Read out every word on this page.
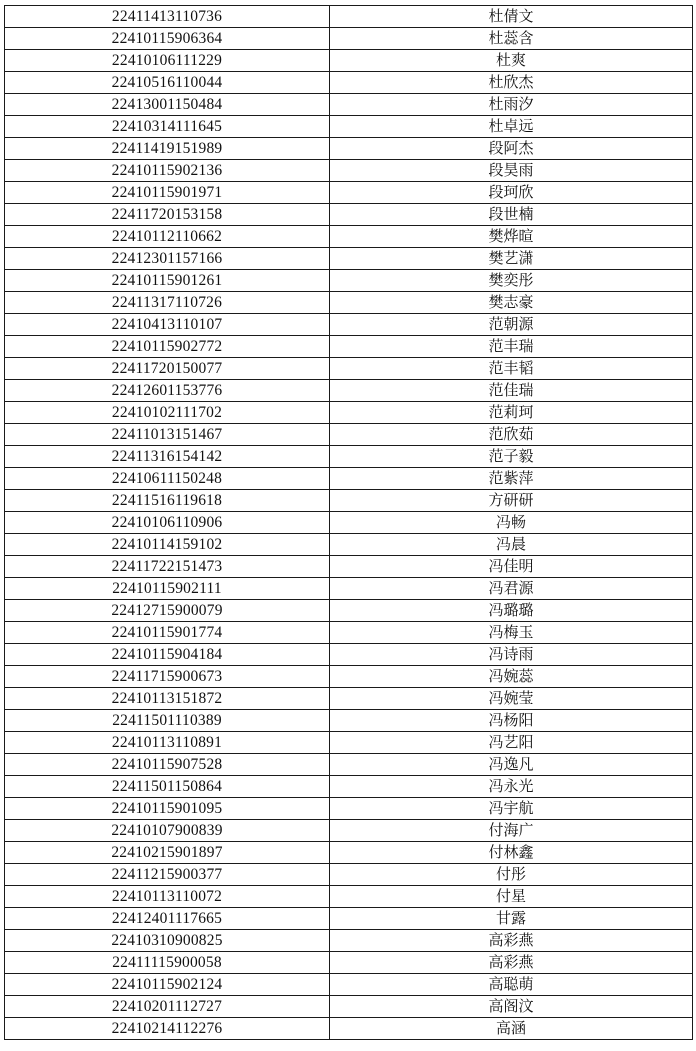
22411413110736	杜倩文
22410115906364	杜蕊含
22410106111229	杜爽
22410516110044	杜欣杰
22413001150484	杜雨汐
22410314111645	杜卓远
22411419151989	段阿杰
22410115902136	段昊雨
22410115901971	段珂欣
22411720153158	段世楠
22410112110662	樊烨暄
22412301157166	樊艺潇
22410115901261	樊奕彤
22411317110726	樊志豪
22410413110107	范朝源
22410115902772	范丰瑞
22411720150077	范丰韬
22412601153776	范佳瑞
22410102111702	范莉珂
22411013151467	范欣茹
22411316154142	范子毅
22410611150248	范紫萍
22411516119618	方研研
22410106110906	冯畅
22410114159102	冯晨
22411722151473	冯佳明
22410115902111	冯君源
22412715900079	冯璐璐
22410115901774	冯梅玉
22410115904184	冯诗雨
22411715900673	冯婉蕊
22410113151872	冯婉莹
22411501110389	冯杨阳
22410113110891	冯艺阳
22410115907528	冯逸凡
22411501150864	冯永光
22410115901095	冯宇航
22410107900839	付海广
22410215901897	付林鑫
22411215900377	付彤
22410113110072	付星
22412401117665	甘露
22410310900825	高彩燕
22411115900058	高彩燕
22410115902124	高聪萌
22410201112727	高阁汶
22410214112276	高涵
